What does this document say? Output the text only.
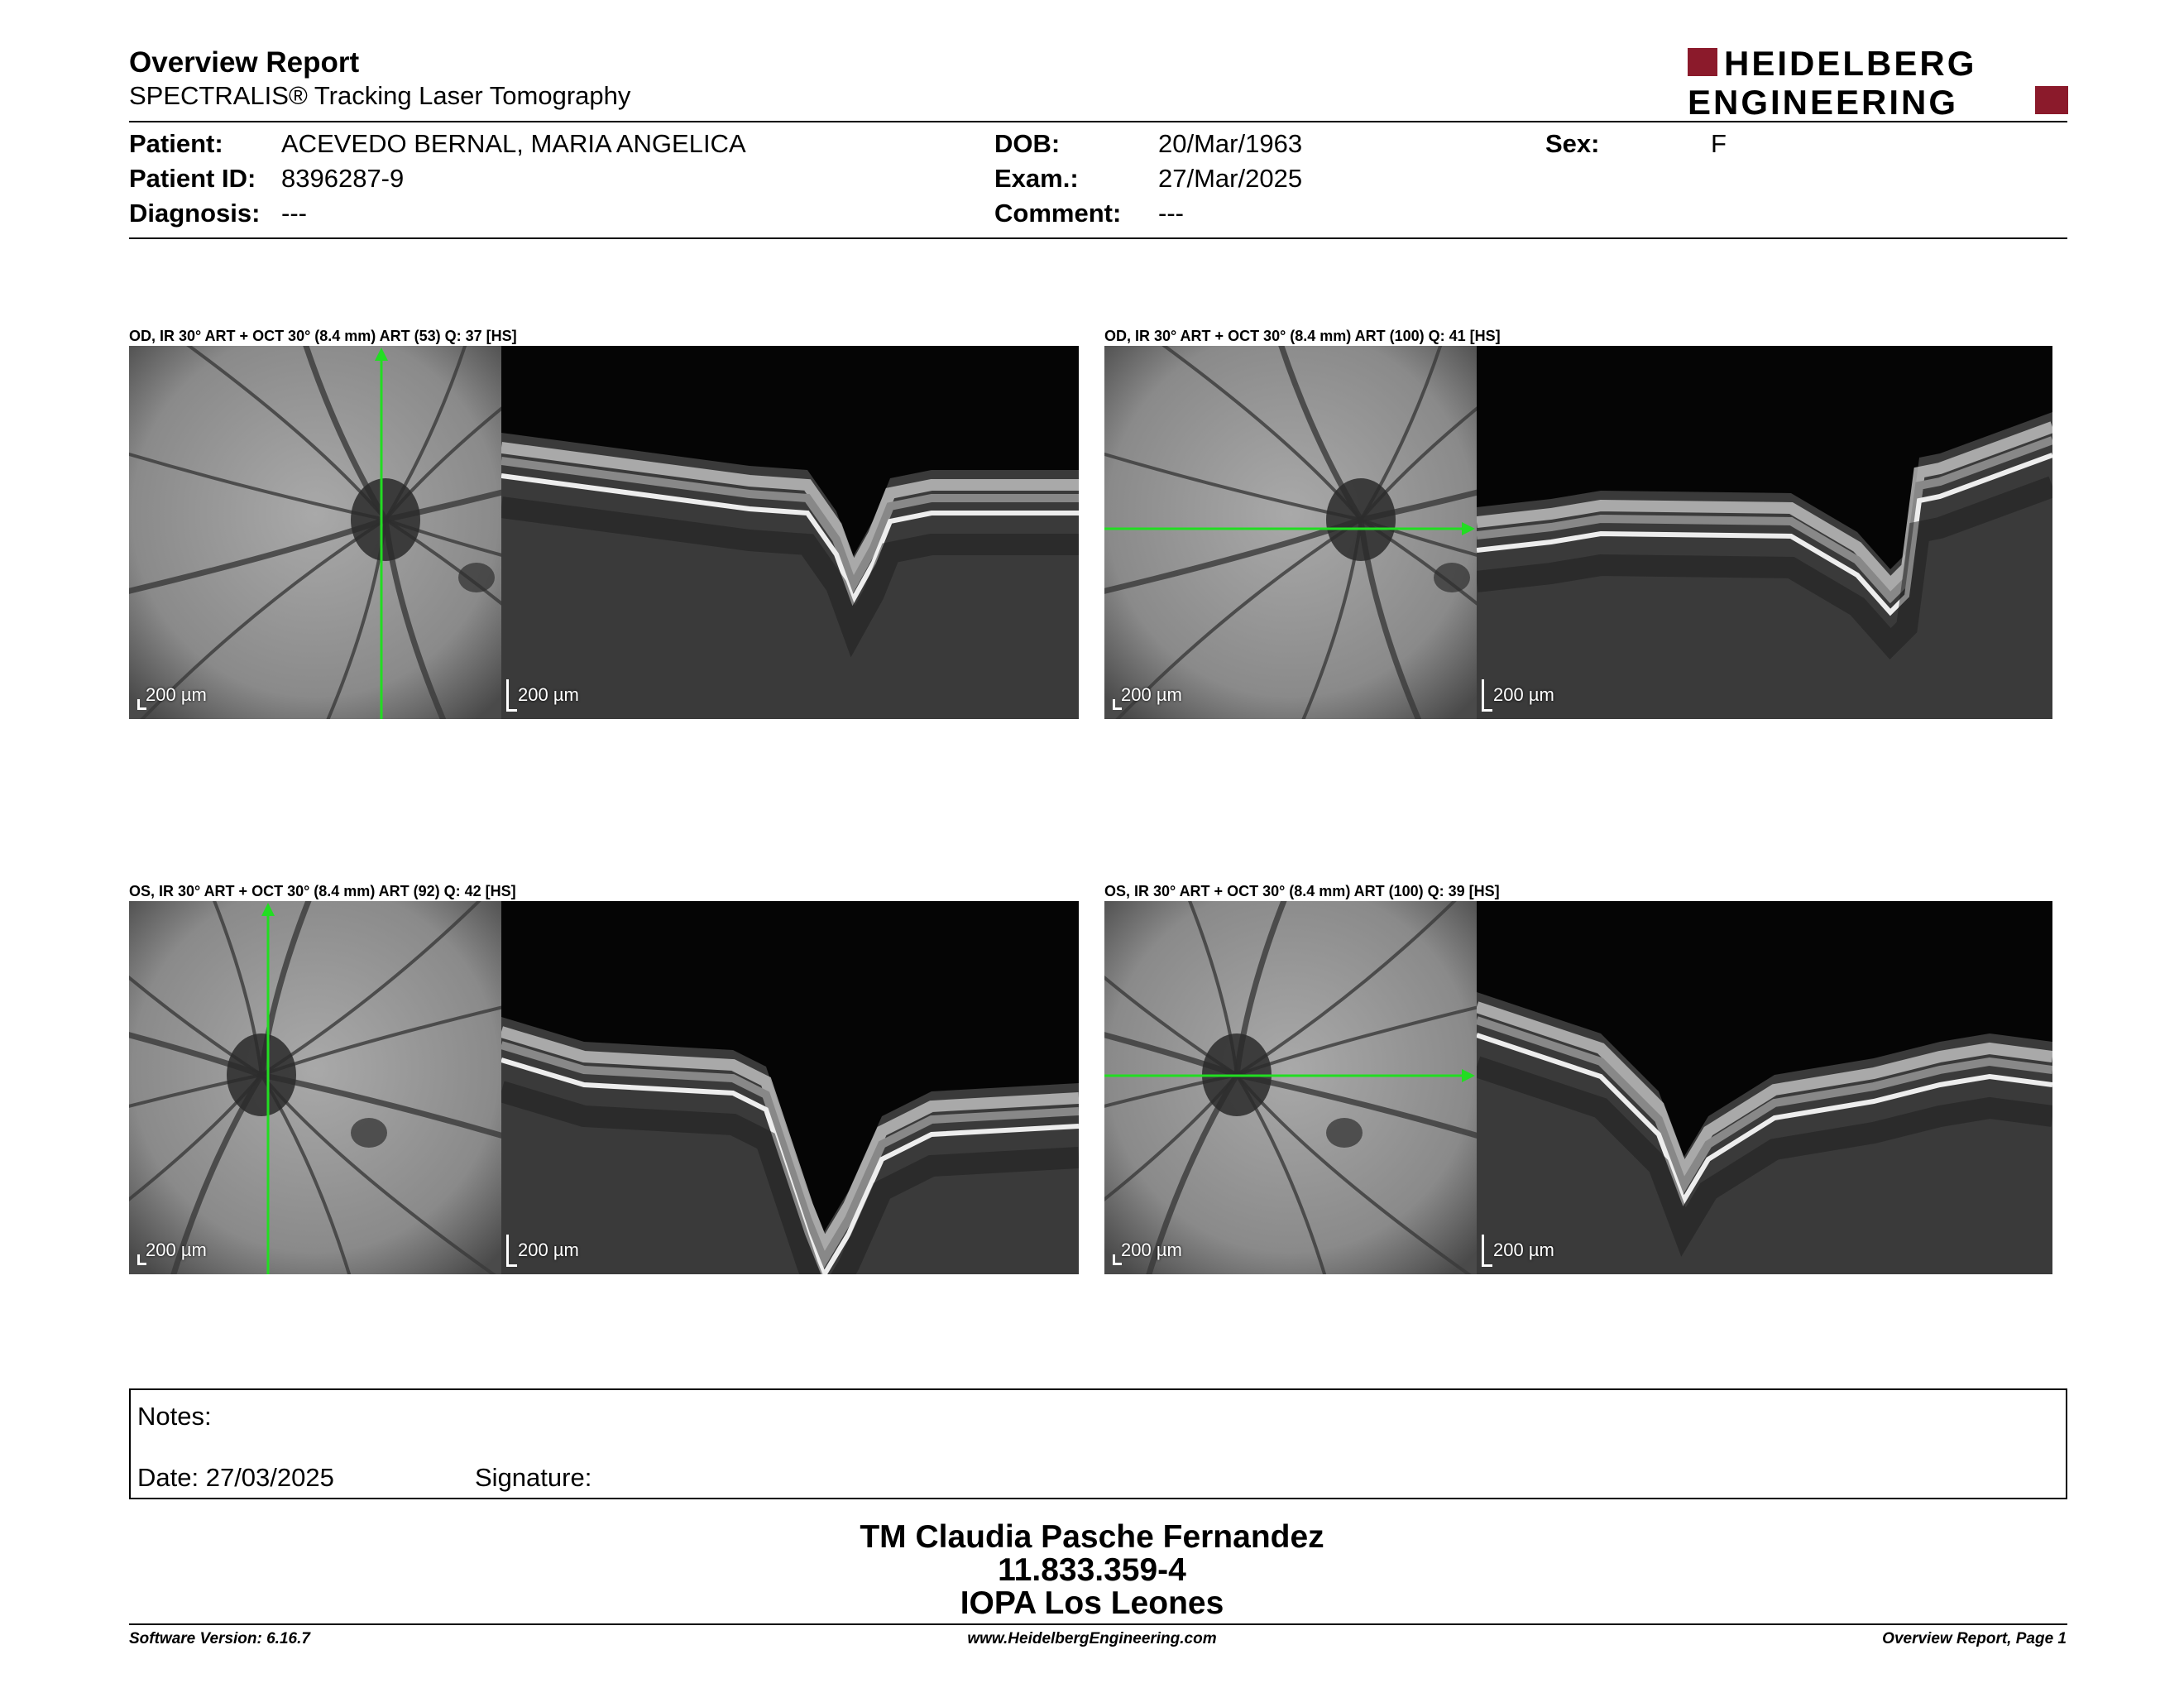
Overview Report
SPECTRALIS® Tracking Laser Tomography
HEIDELBERG
ENGINEERING
Patient: ACEVEDO BERNAL, MARIA ANGELICA
Patient ID: 8396287-9
Diagnosis: ---
DOB:	20/Mar/1963
Exam.:	27/Mar/2025
Comment: ---
Sex:	F
OD, IR 30° ART + OCT 30° (8.4 mm) ART (53) Q: 37 [HS]
200 µm	200 µm
OD, IR 30° ART + OCT 30° (8.4 mm) ART (100) Q: 41 [HS]
200 µm	200 µm
OS, IR 30° ART + OCT 30° (8.4 mm) ART (92) Q: 42 [HS]
200 µm	200 µm
OS, IR 30° ART + OCT 30° (8.4 mm) ART (100) Q: 39 [HS]
200 µm	200 µm
Notes:
Date: 27/03/2025	Signature:
TM Claudia Pasche Fernandez
11.833.359-4
IOPA Los Leones
Software Version: 6.16.7	www.HeidelbergEngineering.com	Overview Report, Page 1
